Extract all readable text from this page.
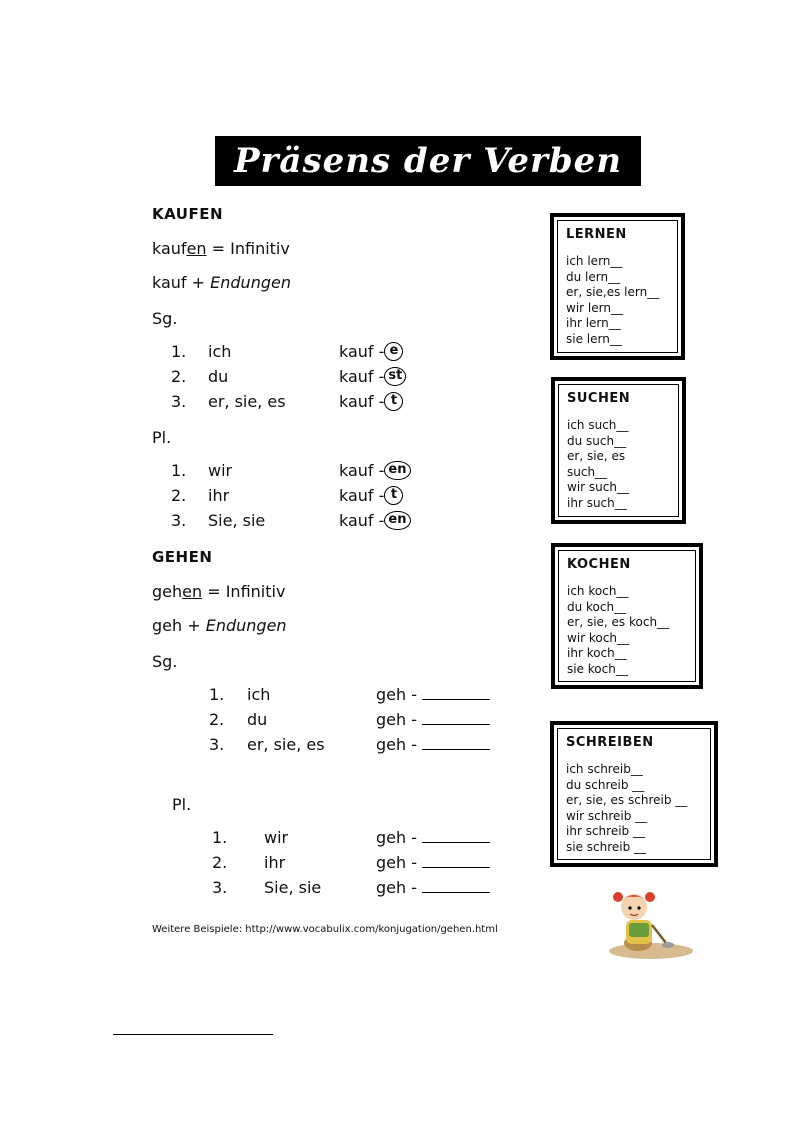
Präsens der Verben
KAUFEN
kaufen = Infinitiv
kauf + Endungen
Sg.
1. ich	kauf - e
2. du	kauf - st
3. er, sie, es	kauf - t
Pl.
1. wir	kauf - en
2. ihr	kauf - t
3. Sie, sie	kauf - en
GEHEN
gehen = Infinitiv
geh + Endungen
Sg.
1. ich	geh -
2. du	geh -
3. er, sie, es	geh -
Pl.
1. wir	geh -
2. ihr	geh -
3. Sie, sie	geh -
LERNEN
ich lern__
du lern__
er, sie,es lern__
wir lern__
ihr lern__
sie lern__
SUCHEN
ich such__
du such__
er, sie, es
such__
wir such__
ihr such__
KOCHEN
ich koch__
du koch__
er, sie, es koch__
wir koch__
ihr koch__
sie koch__
SCHREIBEN
ich schreib__
du schreib __
er, sie, es schreib __
wir schreib __
ihr schreib __
sie schreib __
Weitere Beispiele: http://www.vocabulix.com/konjugation/gehen.html
